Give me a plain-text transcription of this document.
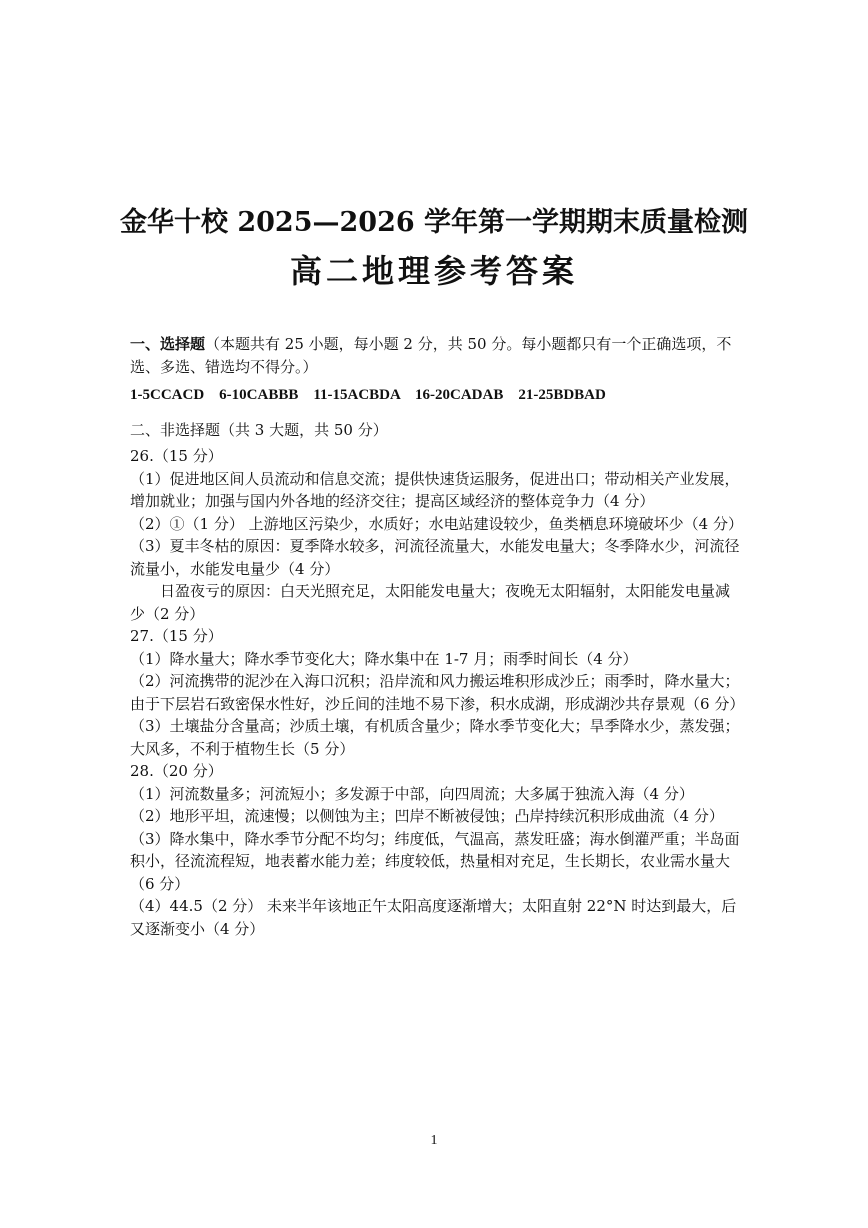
金华十校 2025—2026 学年第一学期期末质量检测
高二地理参考答案

一、选择题（本题共有 25 小题，每小题 2 分，共 50 分。每小题都只有一个正确选项，不选、多选、错选均不得分。）

1-5CCACD    6-10CABBB    11-15ACBDA    16-20CADAB    21-25BDBAD

二、非选择题（共 3 大题，共 50 分）

26.（15 分）

（1）促进地区间人员流动和信息交流；提供快速货运服务，促进出口；带动相关产业发展，增加就业；加强与国内外各地的经济交往；提高区域经济的整体竞争力（4 分）

（2）①（1 分） 上游地区污染少，水质好；水电站建设较少，鱼类栖息环境破坏少（4 分）

（3）夏丰冬枯的原因：夏季降水较多，河流径流量大，水能发电量大；冬季降水少，河流径流量小，水能发电量少（4 分）

日盈夜亏的原因：白天光照充足，太阳能发电量大；夜晚无太阳辐射，太阳能发电量减少（2 分）

27.（15 分）

（1）降水量大；降水季节变化大；降水集中在 1-7 月；雨季时间长（4 分）

（2）河流携带的泥沙在入海口沉积；沿岸流和风力搬运堆积形成沙丘；雨季时，降水量大；由于下层岩石致密保水性好，沙丘间的洼地不易下渗，积水成湖，形成湖沙共存景观（6 分）

（3）土壤盐分含量高；沙质土壤，有机质含量少；降水季节变化大；旱季降水少，蒸发强；大风多，不利于植物生长（5 分）

28.（20 分）

（1）河流数量多；河流短小；多发源于中部，向四周流；大多属于独流入海（4 分）

（2）地形平坦，流速慢；以侧蚀为主；凹岸不断被侵蚀；凸岸持续沉积形成曲流（4 分）

（3）降水集中，降水季节分配不均匀；纬度低，气温高，蒸发旺盛；海水倒灌严重；半岛面积小，径流流程短，地表蓄水能力差；纬度较低，热量相对充足，生长期长，农业需水量大（6 分）

（4）44.5（2 分） 未来半年该地正午太阳高度逐渐增大；太阳直射 22°N 时达到最大，后又逐渐变小（4 分）

1
